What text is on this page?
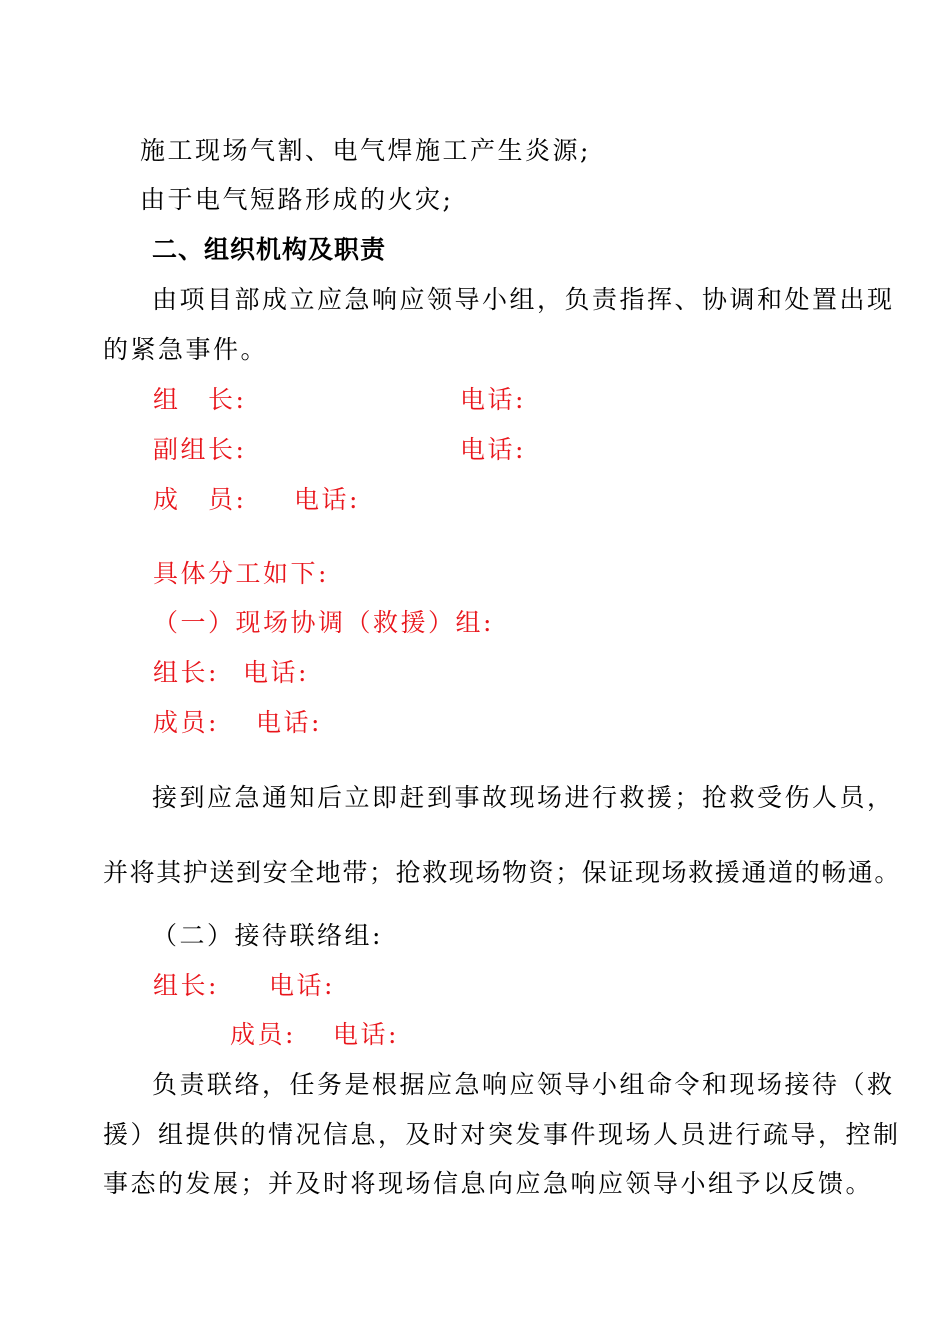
施工现场气割、电气焊施工产生炎源;
由于电气短路形成的火灾;
二、组织机构及职责
由项目部成立应急响应领导小组，负责指挥、协调和处置出现
的紧急事件。
组　长:	电话:
副组长:	电话:
成　员: 电话:
具体分工如下:
（一）现场协调（救援）组:
组长: 电话:
成员: 电话:
接到应急通知后立即赶到事故现场进行救援；抢救受伤人员，
并将其护送到安全地带；抢救现场物资；保证现场救援通道的畅通。
（二）接待联络组:
组长: 电话:
成员: 电话:
负责联络，任务是根据应急响应领导小组命令和现场接待（救
援）组提供的情况信息，及时对突发事件现场人员进行疏导，控制
事态的发展；并及时将现场信息向应急响应领导小组予以反馈。
